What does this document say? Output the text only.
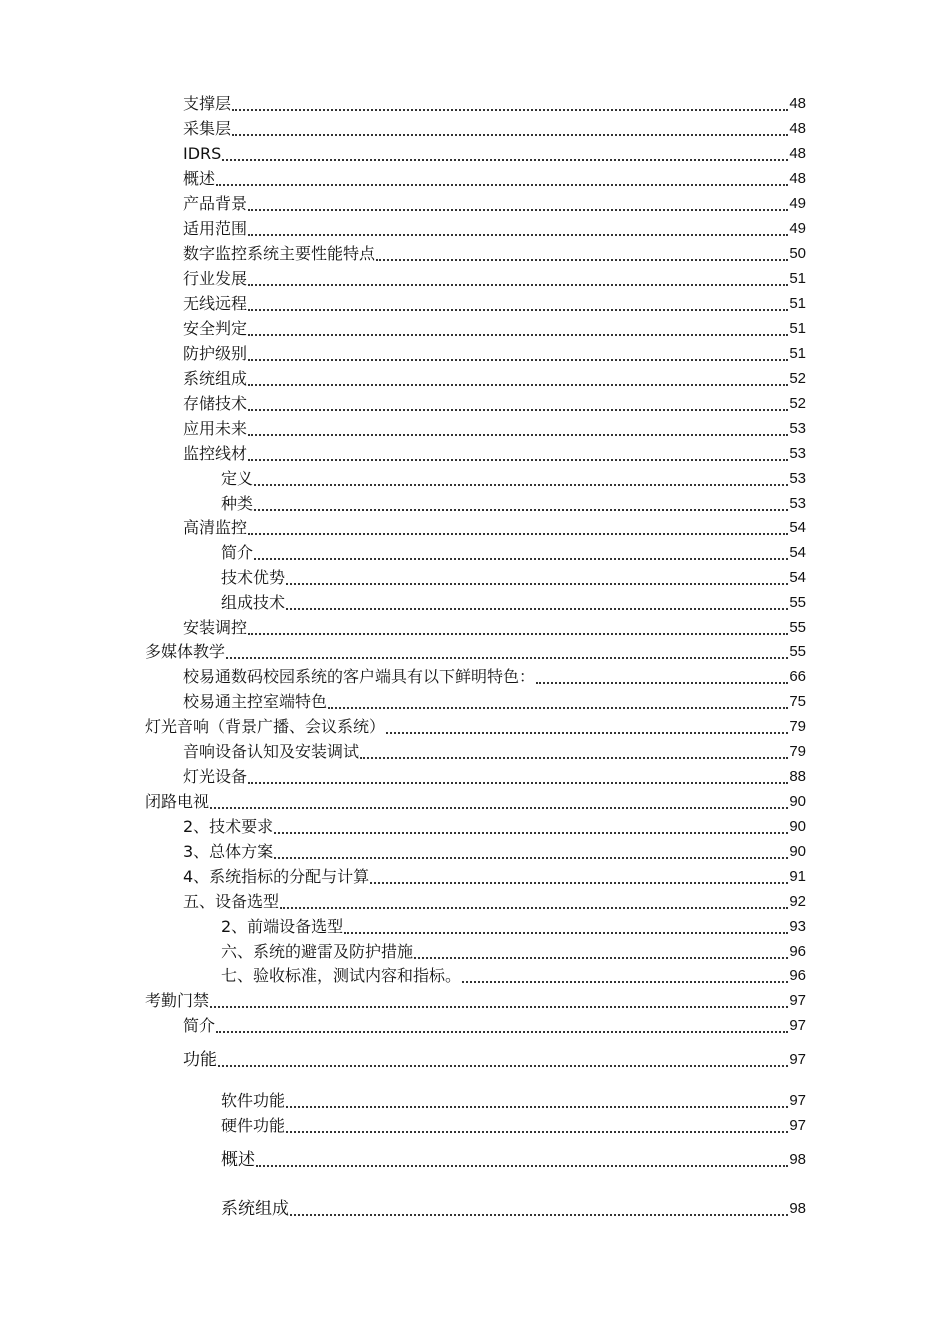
支撑层	48
采集层	48
IDRS	48
概述	48
产品背景	49
适用范围	49
数字监控系统主要性能特点	50
行业发展	51
无线远程	51
安全判定	51
防护级别	51
系统组成	52
存储技术	52
应用未来	53
监控线材	53
定义	53
种类	53
高清监控	54
简介	54
技术优势	54
组成技术	55
安装调控	55
多媒体教学	55
校易通数码校园系统的客户端具有以下鲜明特色：	66
校易通主控室端特色	75
灯光音响（背景广播、会议系统）	79
音响设备认知及安装调试	79
灯光设备	88
闭路电视	90
2、技术要求	90
3、总体方案	90
4、系统指标的分配与计算	91
五、设备选型	92
2、前端设备选型	93
六、系统的避雷及防护措施	96
七、验收标准，测试内容和指标。	96
考勤门禁	97
简介	97
功能	97
软件功能	97
硬件功能	97
概述	98
系统组成	98
